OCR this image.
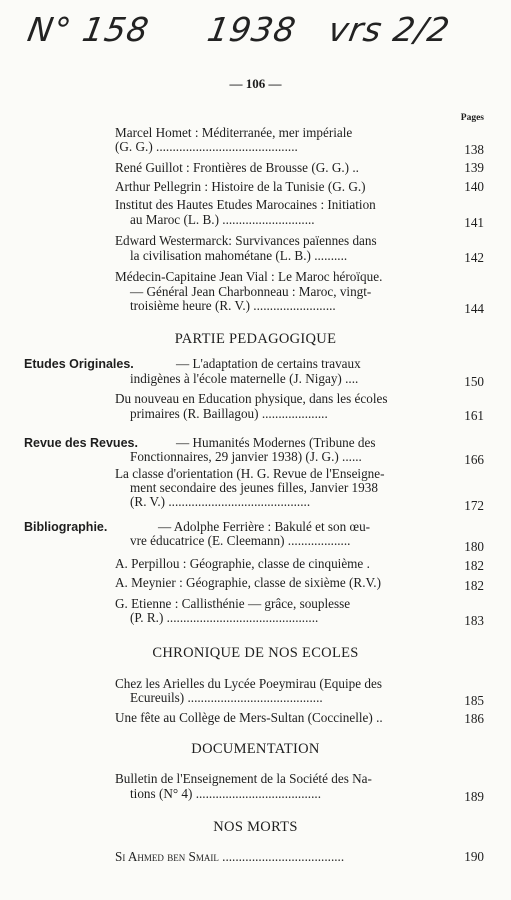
N° 158 1938 vrs 2/2
— 106 —
Pages
Marcel Homet : Méditerranée, mer impériale
(G. G.) ...........................................	138
René Guillot : Frontières de Brousse (G. G.) ..	139
Arthur Pellegrin : Histoire de la Tunisie (G. G.)	140
Institut des Hautes Etudes Marocaines : Initiation
au Maroc (L. B.) ............................	141
Edward Westermarck: Survivances païennes dans
la civilisation mahométane (L. B.) ..........	142
Médecin-Capitaine Jean Vial : Le Maroc héroïque.
— Général Jean Charbonneau : Maroc, vingt-
troisième heure (R. V.) .........................	144
PARTIE PEDAGOGIQUE
Etudes Originales.	— L'adaptation de certains travaux
indigènes à l'école maternelle (J. Nigay) ....	150
Du nouveau en Education physique, dans les écoles
primaires (R. Baillagou) ....................	161
Revue des Revues.	— Humanités Modernes (Tribune des
Fonctionnaires, 29 janvier 1938) (J. G.) ......	166
La classe d'orientation (H. G. Revue de l'Enseigne-
ment secondaire des jeunes filles, Janvier 1938
(R. V.) ...........................................	172
Bibliographie.	— Adolphe Ferrière : Bakulé et son œu-
vre éducatrice (E. Cleemann) ...................	180
A. Perpillou : Géographie, classe de cinquième .	182
A. Meynier : Géographie, classe de sixième (R.V.)	182
G. Etienne : Callisthénie — grâce, souplesse
(P. R.) ..............................................	183
CHRONIQUE DE NOS ECOLES
Chez les Arielles du Lycée Poeymirau (Equipe des
Ecureuils) .........................................	185
Une fête au Collège de Mers-Sultan (Coccinelle) ..	186
DOCUMENTATION
Bulletin de l'Enseignement de la Société des Na-
tions (N° 4) ......................................	189
NOS MORTS
Si Ahmed ben Smail .....................................	190
